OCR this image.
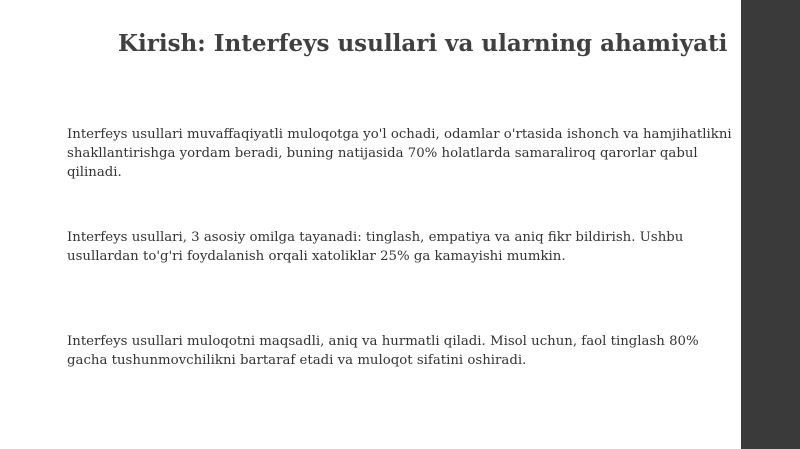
Kirish: Interfeys usullari va ularning ahamiyati

Interfeys usullari muvaffaqiyatli muloqotga yo'l ochadi, odamlar o'rtasida ishonch va hamjihatlikni shakllantirishga yordam beradi, buning natijasida 70% holatlarda samaraliroq qarorlar qabul qilinadi.

Interfeys usullari, 3 asosiy omilga tayanadi: tinglash, empatiya va aniq fikr bildirish. Ushbu usullardan to'g'ri foydalanish orqali xatoliklar 25% ga kamayishi mumkin.

Interfeys usullari muloqotni maqsadli, aniq va hurmatli qiladi. Misol uchun, faol tinglash 80% gacha tushunmovchilikni bartaraf etadi va muloqot sifatini oshiradi.
